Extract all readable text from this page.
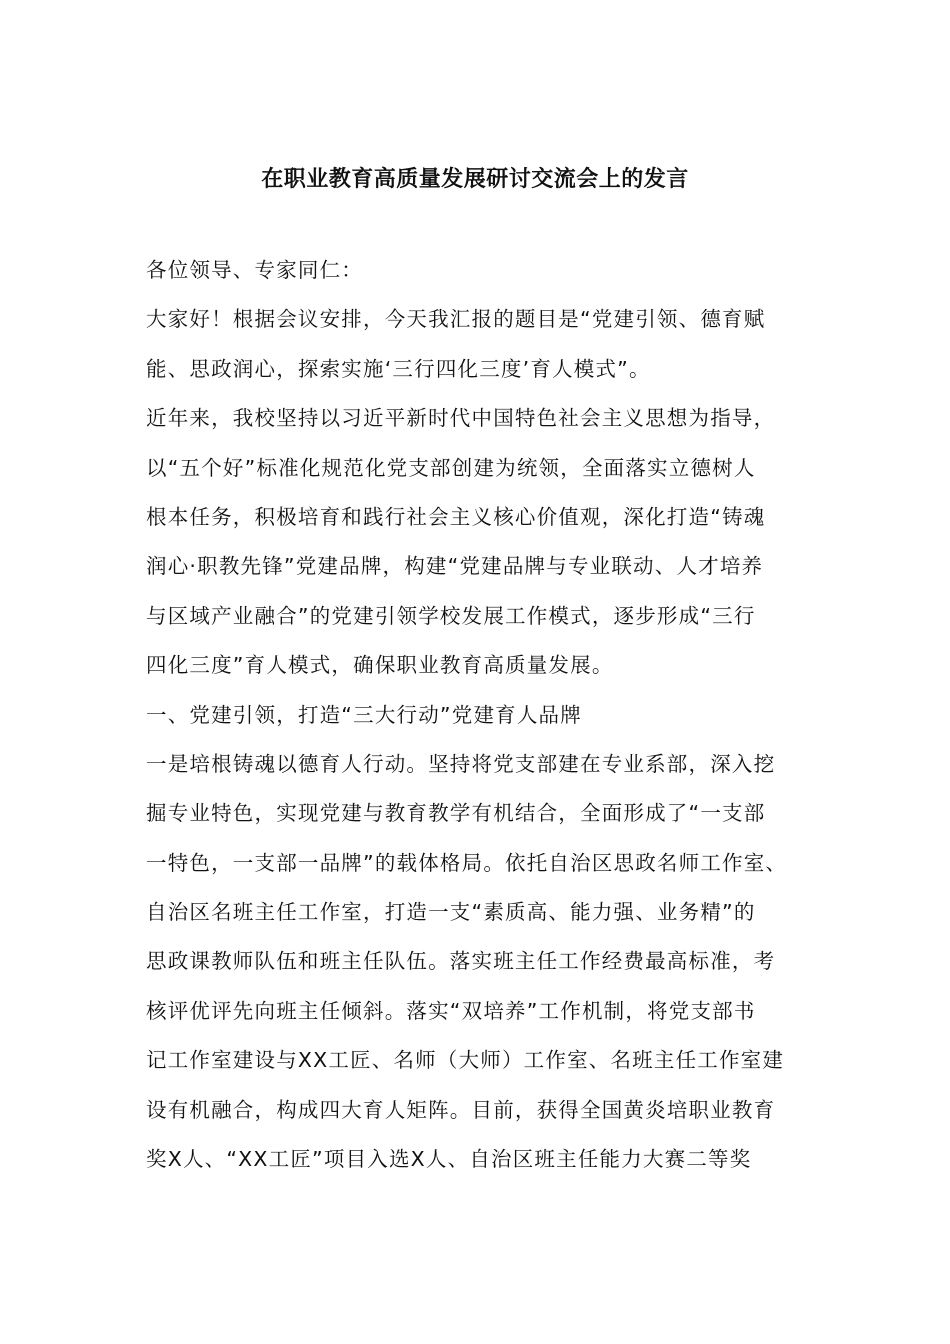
在职业教育高质量发展研讨交流会上的发言
各位领导、专家同仁：
大家好！根据会议安排，今天我汇报的题目是“党建引领、德育赋
能、思政润心，探索实施‘三行四化三度’育人模式”。
近年来，我校坚持以习近平新时代中国特色社会主义思想为指导，
以“五个好”标准化规范化党支部创建为统领，全面落实立德树人
根本任务，积极培育和践行社会主义核心价值观，深化打造“铸魂
润心·职教先锋”党建品牌，构建“党建品牌与专业联动、人才培养
与区域产业融合”的党建引领学校发展工作模式，逐步形成“三行
四化三度”育人模式，确保职业教育高质量发展。
一、党建引领，打造“三大行动”党建育人品牌
一是培根铸魂以德育人行动。坚持将党支部建在专业系部，深入挖
掘专业特色，实现党建与教育教学有机结合，全面形成了“一支部
一特色，一支部一品牌”的载体格局。依托自治区思政名师工作室、
自治区名班主任工作室，打造一支“素质高、能力强、业务精”的
思政课教师队伍和班主任队伍。落实班主任工作经费最高标准，考
核评优评先向班主任倾斜。落实“双培养”工作机制，将党支部书
记工作室建设与XX工匠、名师（大师）工作室、名班主任工作室建
设有机融合，构成四大育人矩阵。目前，获得全国黄炎培职业教育
奖X人、“XX工匠”项目入选X人、自治区班主任能力大赛二等奖
